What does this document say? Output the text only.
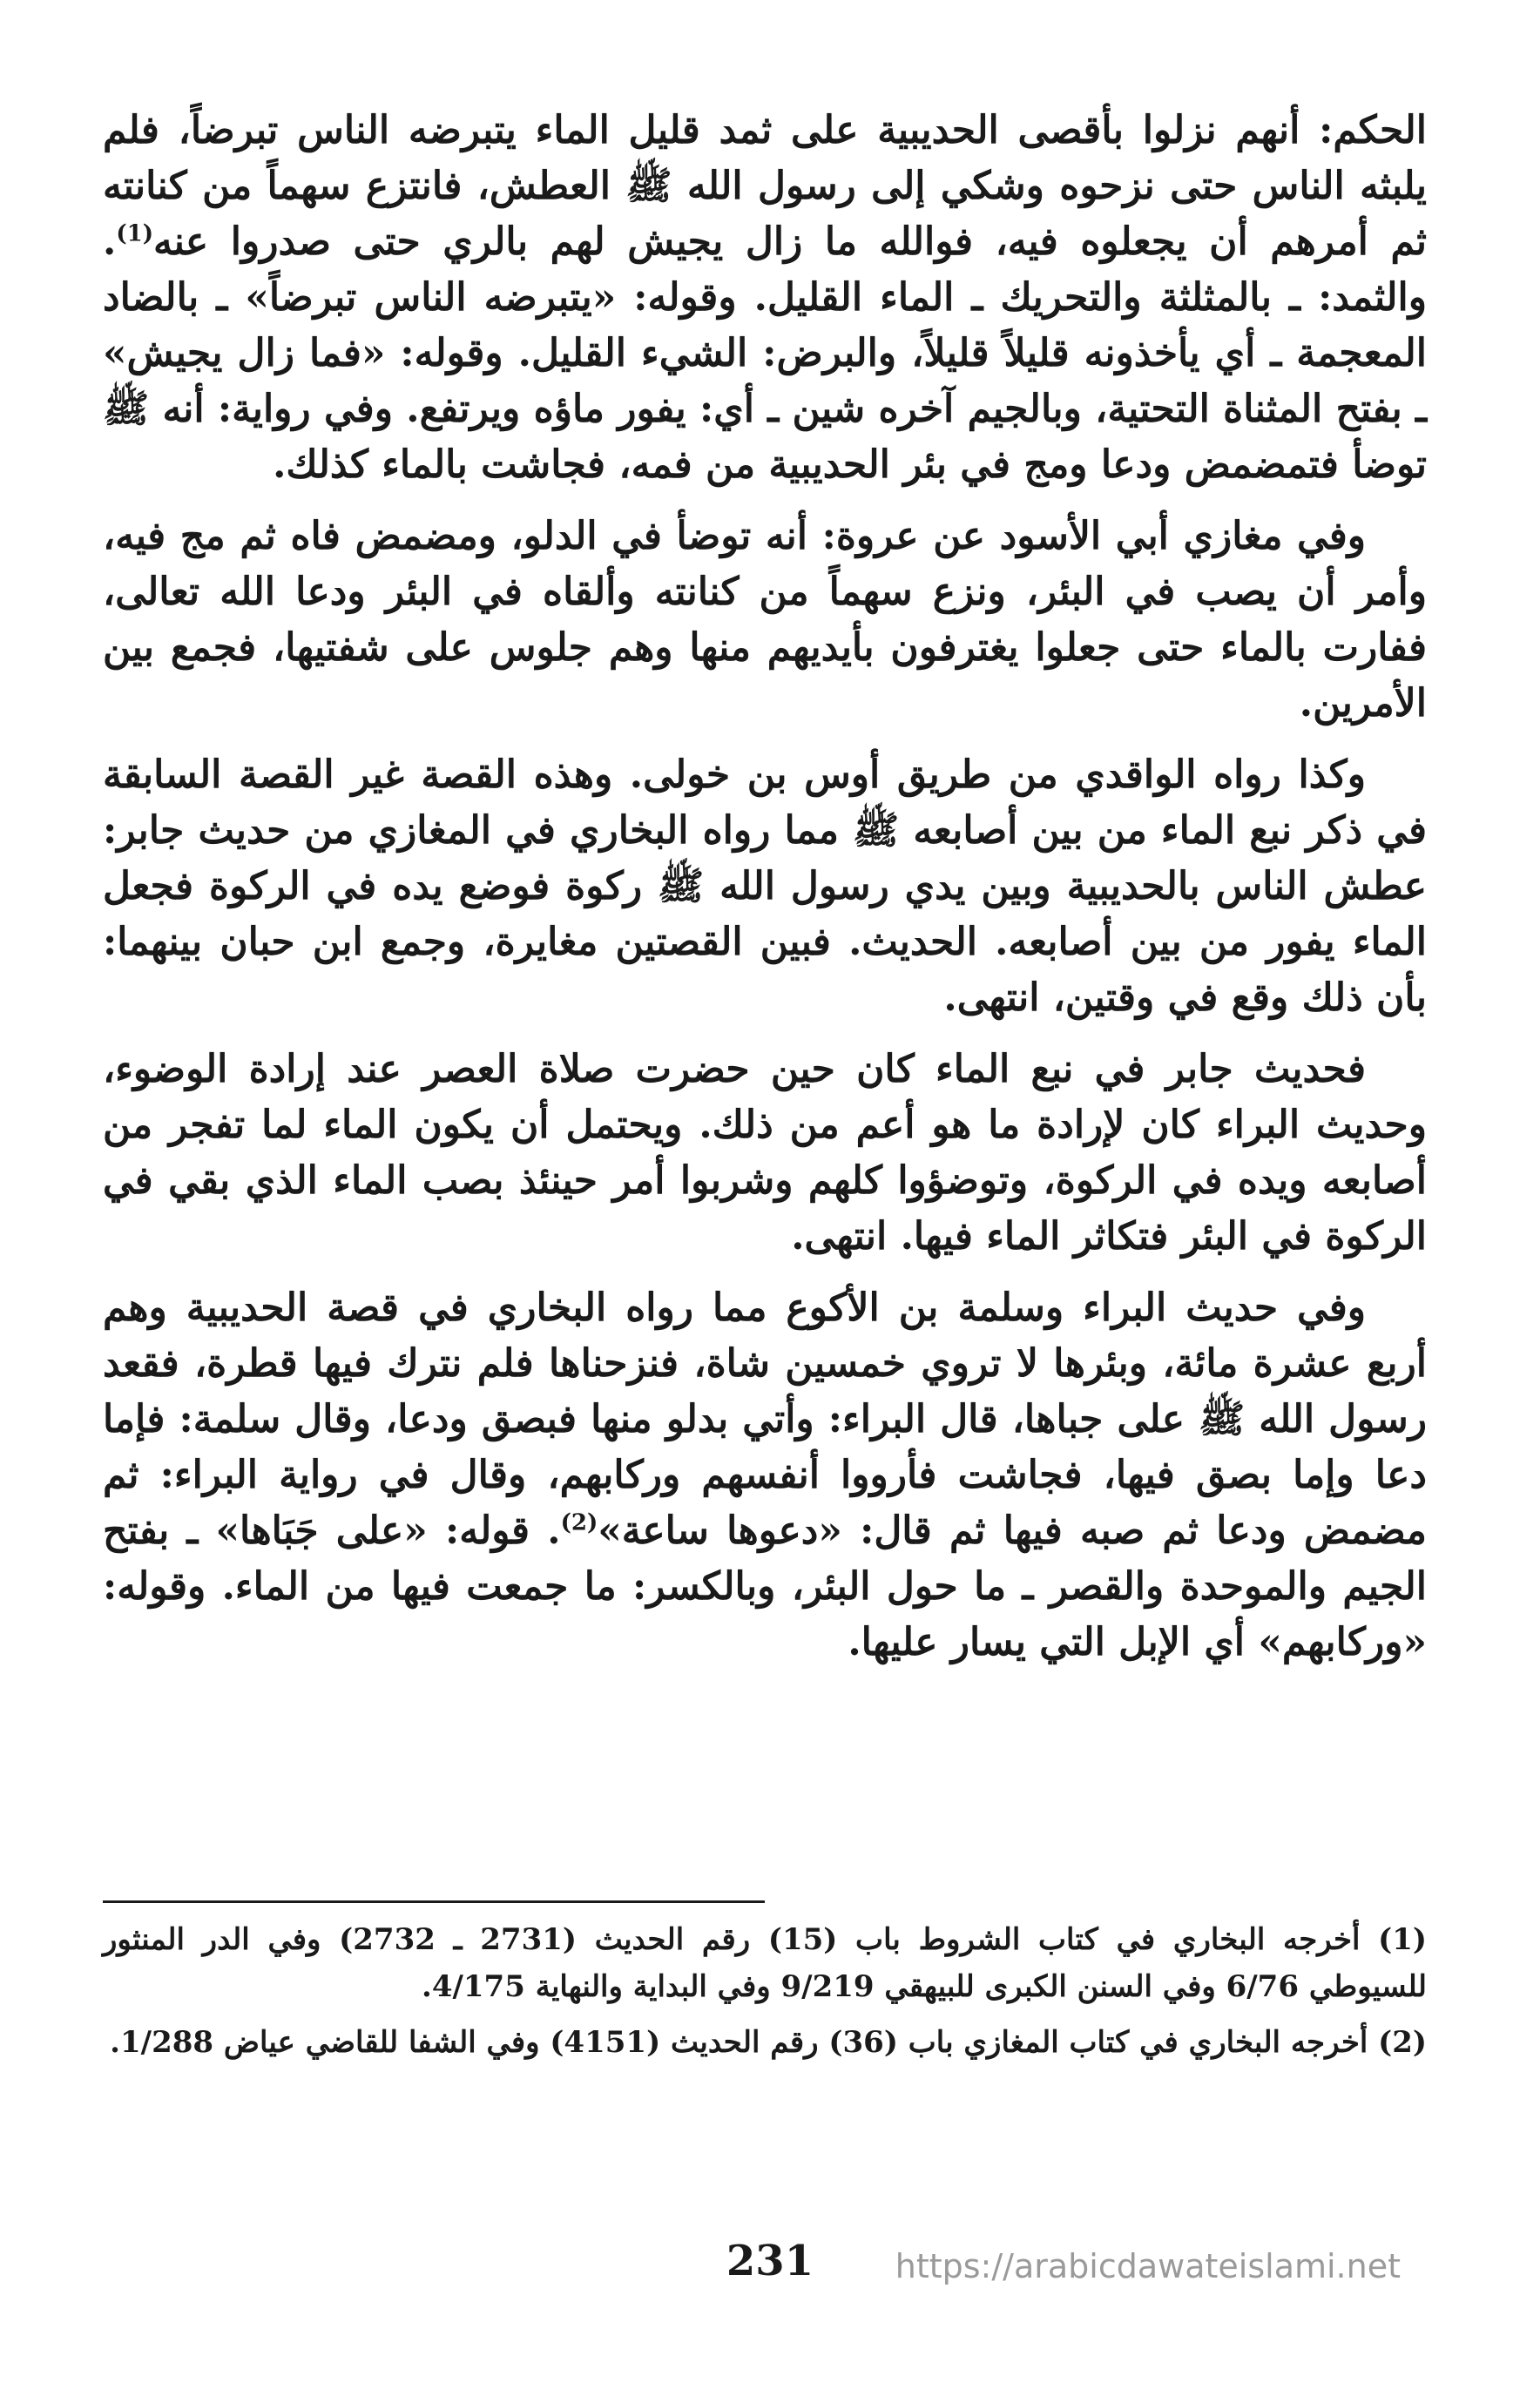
الحكم: أنهم نزلوا بأقصى الحديبية على ثمد قليل الماء يتبرضه الناس تبرضاً، فلم يلبثه الناس حتى نزحوه وشكي إلى رسول الله ﷺ العطش، فانتزع سهماً من كنانته ثم أمرهم أن يجعلوه فيه، فوالله ما زال يجيش لهم بالري حتى صدروا عنه$^{(1)}$. والثمد: ـ بالمثلثة والتحريك ـ الماء القليل. وقوله: «يتبرضه الناس تبرضاً» ـ بالضاد المعجمة ـ أي يأخذونه قليلاً قليلاً، والبرض: الشيء القليل. وقوله: «فما زال يجيش» ـ بفتح المثناة التحتية، وبالجيم آخره شين ـ أي: يفور ماؤه ويرتفع. وفي رواية: أنه ﷺ توضأ فتمضمض ودعا ومج في بئر الحديبية من فمه، فجاشت بالماء كذلك.

وفي مغازي أبي الأسود عن عروة: أنه توضأ في الدلو، ومضمض فاه ثم مج فيه، وأمر أن يصب في البئر، ونزع سهماً من كنانته وألقاه في البئر ودعا الله تعالى، ففارت بالماء حتى جعلوا يغترفون بأيديهم منها وهم جلوس على شفتيها، فجمع بين الأمرين.

وكذا رواه الواقدي من طريق أوس بن خولى. وهذه القصة غير القصة السابقة في ذكر نبع الماء من بين أصابعه ﷺ مما رواه البخاري في المغازي من حديث جابر: عطش الناس بالحديبية وبين يدي رسول الله ﷺ ركوة فوضع يده في الركوة فجعل الماء يفور من بين أصابعه. الحديث. فبين القصتين مغايرة، وجمع ابن حبان بينهما: بأن ذلك وقع في وقتين، انتهى.

فحديث جابر في نبع الماء كان حين حضرت صلاة العصر عند إرادة الوضوء، وحديث البراء كان لإرادة ما هو أعم من ذلك. ويحتمل أن يكون الماء لما تفجر من أصابعه ويده في الركوة، وتوضؤوا كلهم وشربوا أمر حينئذ بصب الماء الذي بقي في الركوة في البئر فتكاثر الماء فيها. انتهى.

وفي حديث البراء وسلمة بن الأكوع مما رواه البخاري في قصة الحديبية وهم أربع عشرة مائة، وبئرها لا تروي خمسين شاة، فنزحناها فلم نترك فيها قطرة، فقعد رسول الله ﷺ على جباها، قال البراء: وأتي بدلو منها فبصق ودعا، وقال سلمة: فإما دعا وإما بصق فيها، فجاشت فأرووا أنفسهم وركابهم، وقال في رواية البراء: ثم مضمض ودعا ثم صبه فيها ثم قال: «دعوها ساعة»$^{(2)}$. قوله: «على جَبَاها» ـ بفتح الجيم والموحدة والقصر ـ ما حول البئر، وبالكسر: ما جمعت فيها من الماء. وقوله: «وركابهم» أي الإبل التي يسار عليها.

(1) أخرجه البخاري في كتاب الشروط باب (15) رقم الحديث (2731 ـ 2732) وفي الدر المنثور للسيوطي 6/76 وفي السنن الكبرى للبيهقي 9/219 وفي البداية والنهاية 4/175.

(2) أخرجه البخاري في كتاب المغازي باب (36) رقم الحديث (4151) وفي الشفا للقاضي عياض 1/288.

231	https://arabicdawateislami.net
